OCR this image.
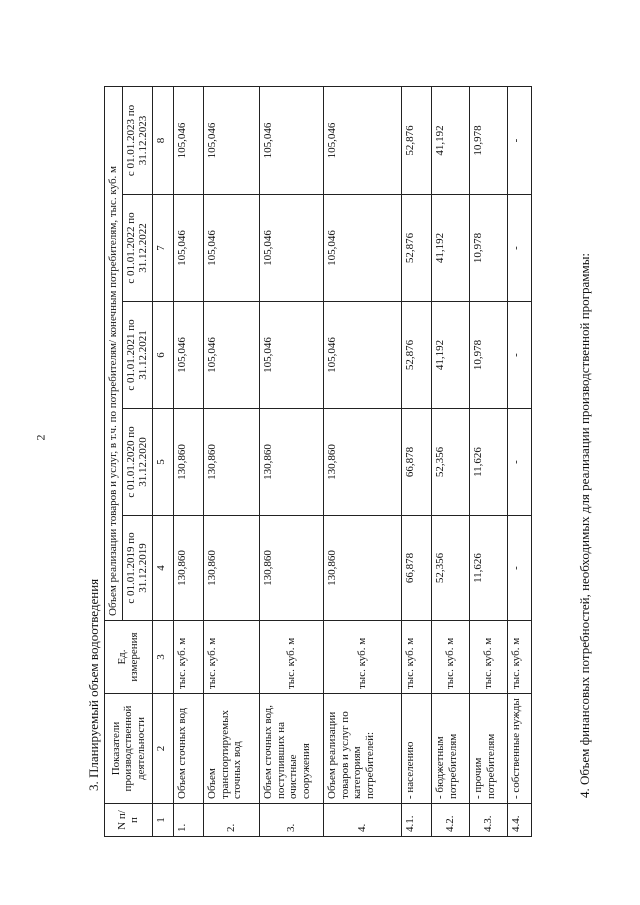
2
3. Планируемый объем водоотведения
N п/п	Показатели производственной деятельности	Ед. измерения	Объем реализации товаров и услуг, в т.ч. по потребителям/ конечным потребителям, тыс. куб. м				
			с 01.01.2019 по 31.12.2019	с 01.01.2020 по 31.12.2020	с 01.01.2021 по 31.12.2021	с 01.01.2022 по 31.12.2022	с 01.01.2023 по 31.12.2023
1	2	3	4	5	6	7	8
1.	Объем сточных вод	тыс. куб. м	130,860	130,860	105,046	105,046	105,046
2.	Объем транспортируемых сточных вод	тыс. куб. м	130,860	130,860	105,046	105,046	105,046
3.	Объем сточных вод, поступивших на очистные сооружения	тыс. куб. м	130,860	130,860	105,046	105,046	105,046
4.	Объем реализации товаров и услуг по категориям потребителей:	тыс. куб. м	130,860	130,860	105,046	105,046	105,046
4.1.	- населению	тыс. куб. м	66,878	66,878	52,876	52,876	52,876
4.2.	- бюджетным потребителям	тыс. куб. м	52,356	52,356	41,192	41,192	41,192
4.3.	- прочим потребителям	тыс. куб. м	11,626	11,626	10,978	10,978	10,978
4.4.	- собственные нужды	тыс. куб. м	-	-	-	-	-
4. Объем финансовых потребностей, необходимых для реализации производственной программы:
